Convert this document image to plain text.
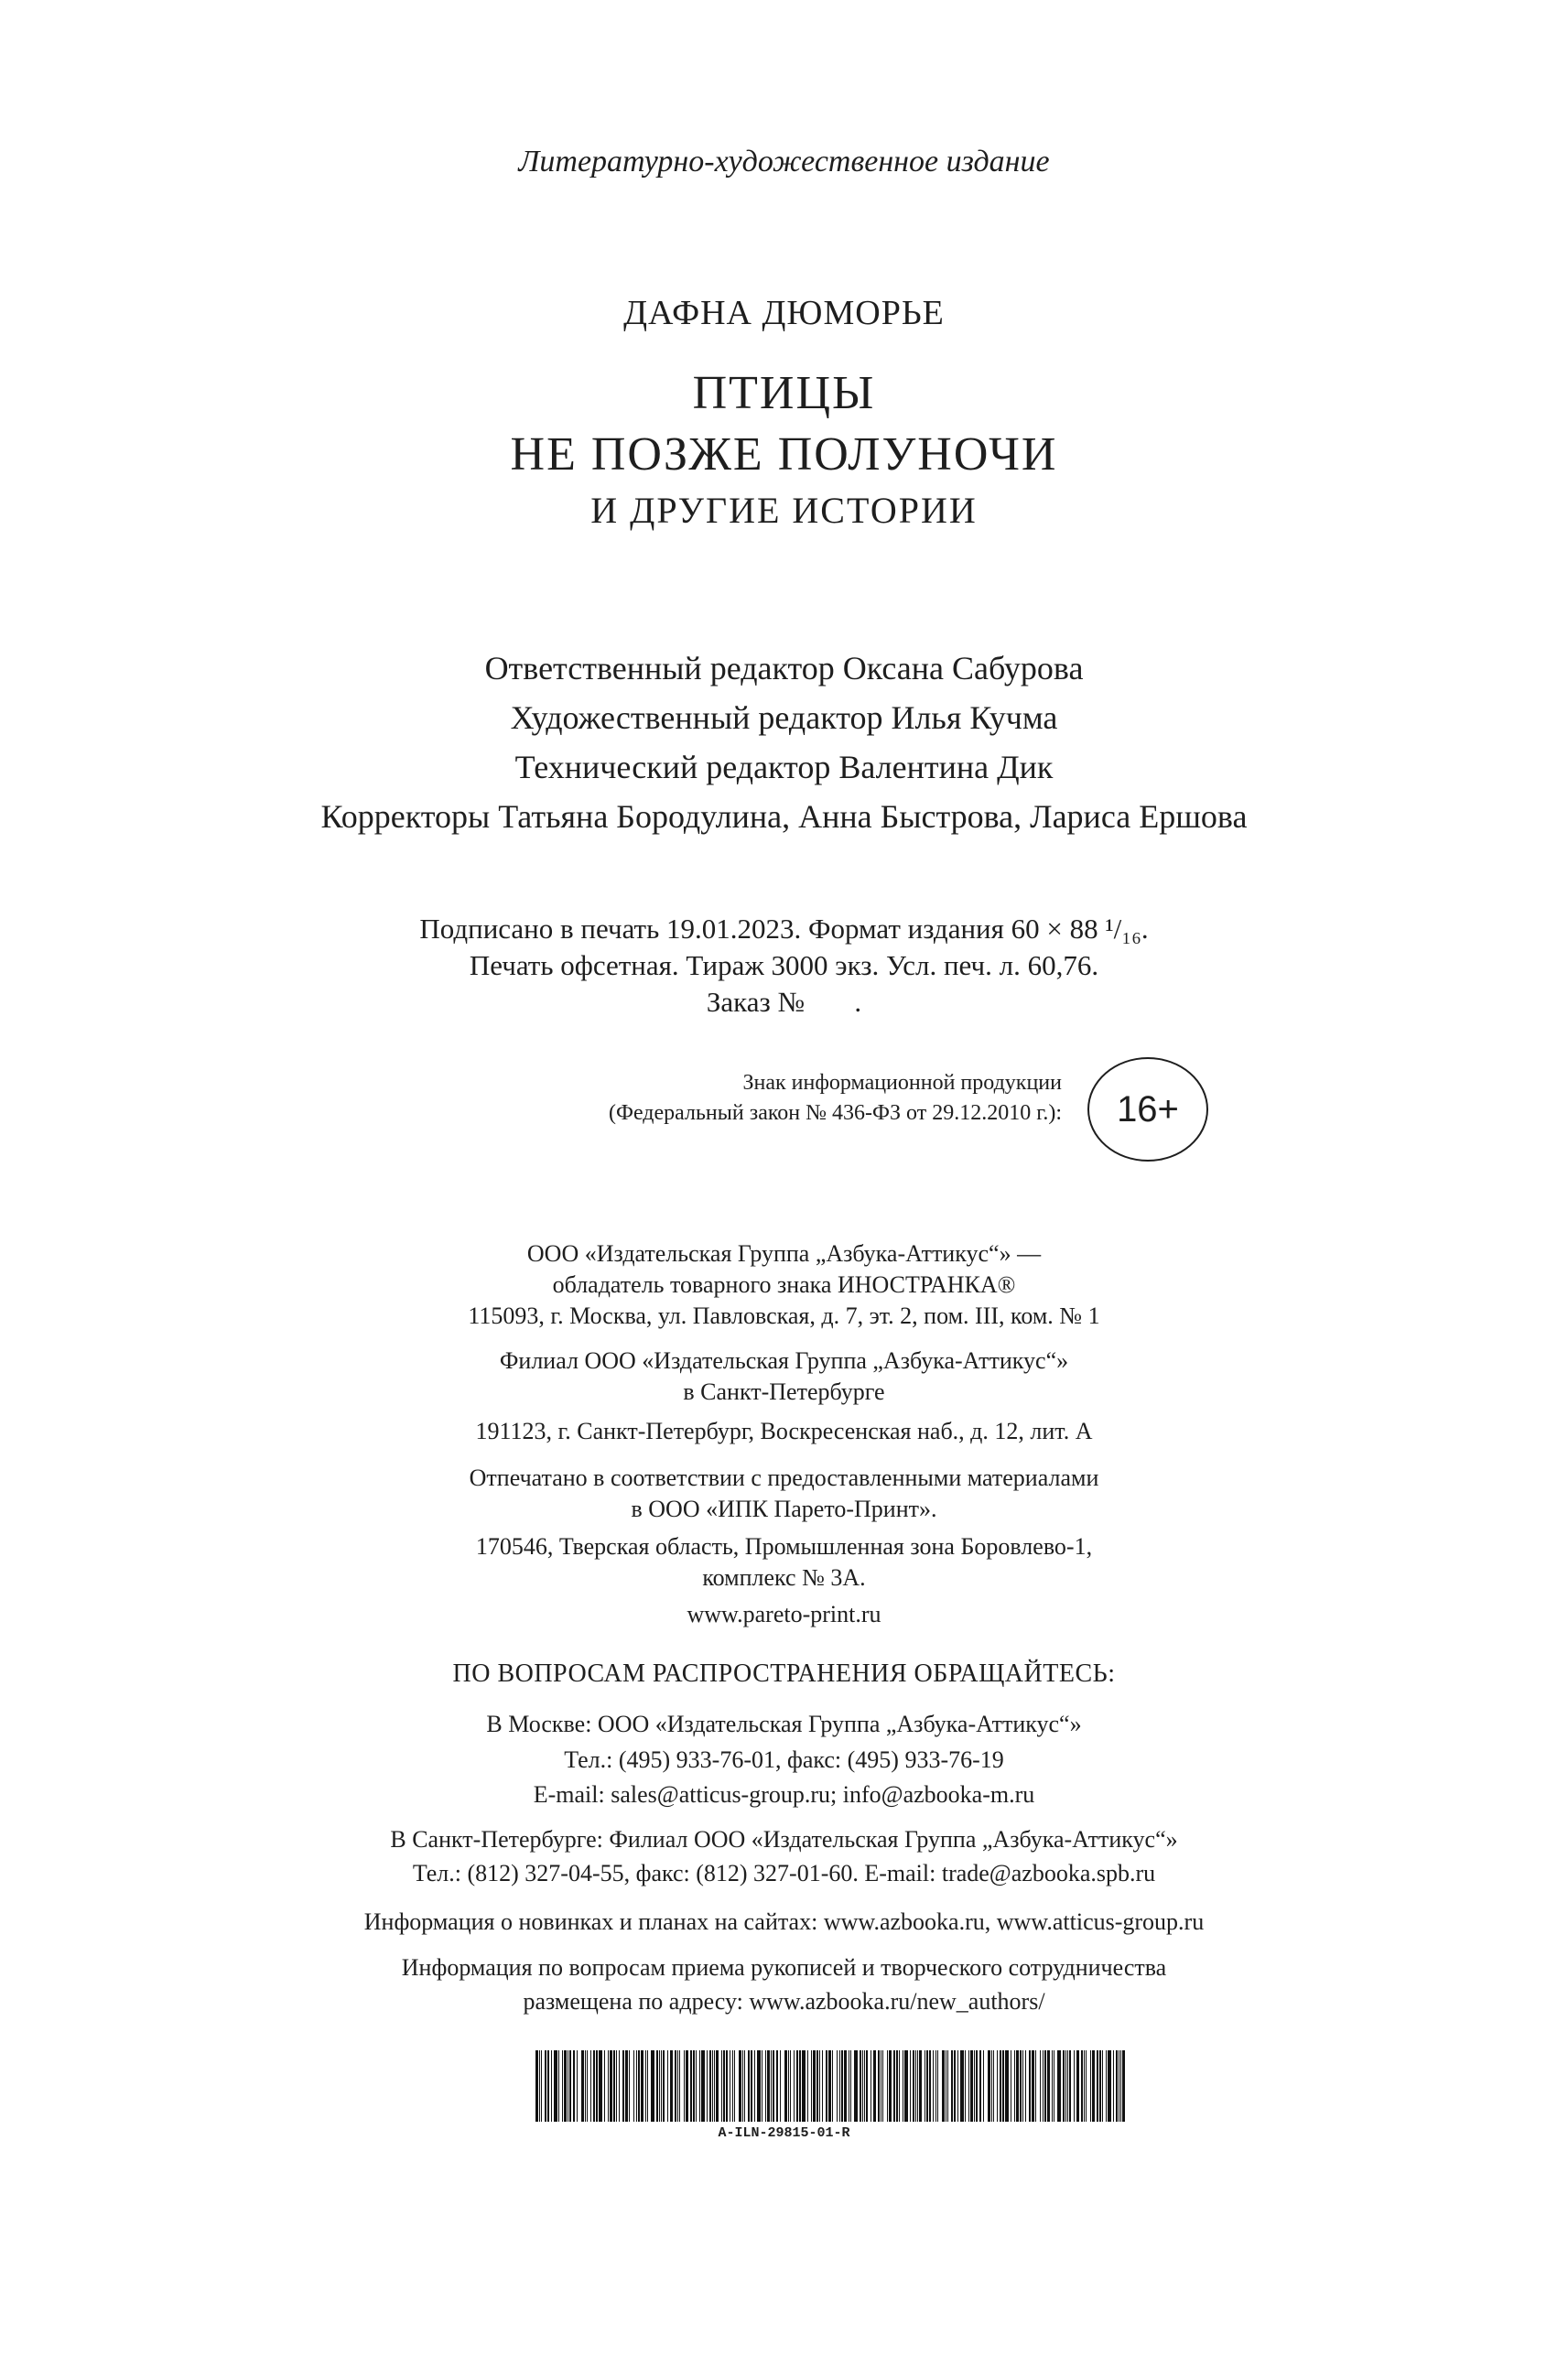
Литературно-художественное издание
ДАФНА ДЮМОРЬЕ
ПТИЦЫ
НЕ ПОЗЖЕ ПОЛУНОЧИ
И ДРУГИЕ ИСТОРИИ
Ответственный редактор Оксана Сабурова
Художественный редактор Илья Кучма
Технический редактор Валентина Дик
Корректоры Татьяна Бородулина, Анна Быстрова, Лариса Ершова
Подписано в печать 19.01.2023. Формат издания 60 × 88 ¹/₁₆.
Печать офсетная. Тираж 3000 экз. Усл. печ. л. 60,76.
Заказ №       .
Знак информационной продукции
(Федеральный закон № 436-ФЗ от 29.12.2010 г.):	16+
ООО «Издательская Группа „Азбука-Аттикус“» —
обладатель товарного знака ИНОСТРАНКА®
115093, г. Москва, ул. Павловская, д. 7, эт. 2, пом. III, ком. № 1
Филиал ООО «Издательская Группа „Азбука-Аттикус“»
в Санкт-Петербурге
191123, г. Санкт-Петербург, Воскресенская наб., д. 12, лит. А
Отпечатано в соответствии с предоставленными материалами
в ООО «ИПК Парето-Принт».
170546, Тверская область, Промышленная зона Боровлево-1,
комплекс № 3А.
www.pareto-print.ru
ПО ВОПРОСАМ РАСПРОСТРАНЕНИЯ ОБРАЩАЙТЕСЬ:
В Москве: ООО «Издательская Группа „Азбука-Аттикус“»
Тел.: (495) 933-76-01, факс: (495) 933-76-19
E-mail: sales@atticus-group.ru; info@azbooka-m.ru
В Санкт-Петербурге: Филиал ООО «Издательская Группа „Азбука-Аттикус“»
Тел.: (812) 327-04-55, факс: (812) 327-01-60. E-mail: trade@azbooka.spb.ru
Информация о новинках и планах на сайтах: www.azbooka.ru, www.atticus-group.ru
Информация по вопросам приема рукописей и творческого сотрудничества
размещена по адресу: www.azbooka.ru/new_authors/
A-ILN-29815-01-R
